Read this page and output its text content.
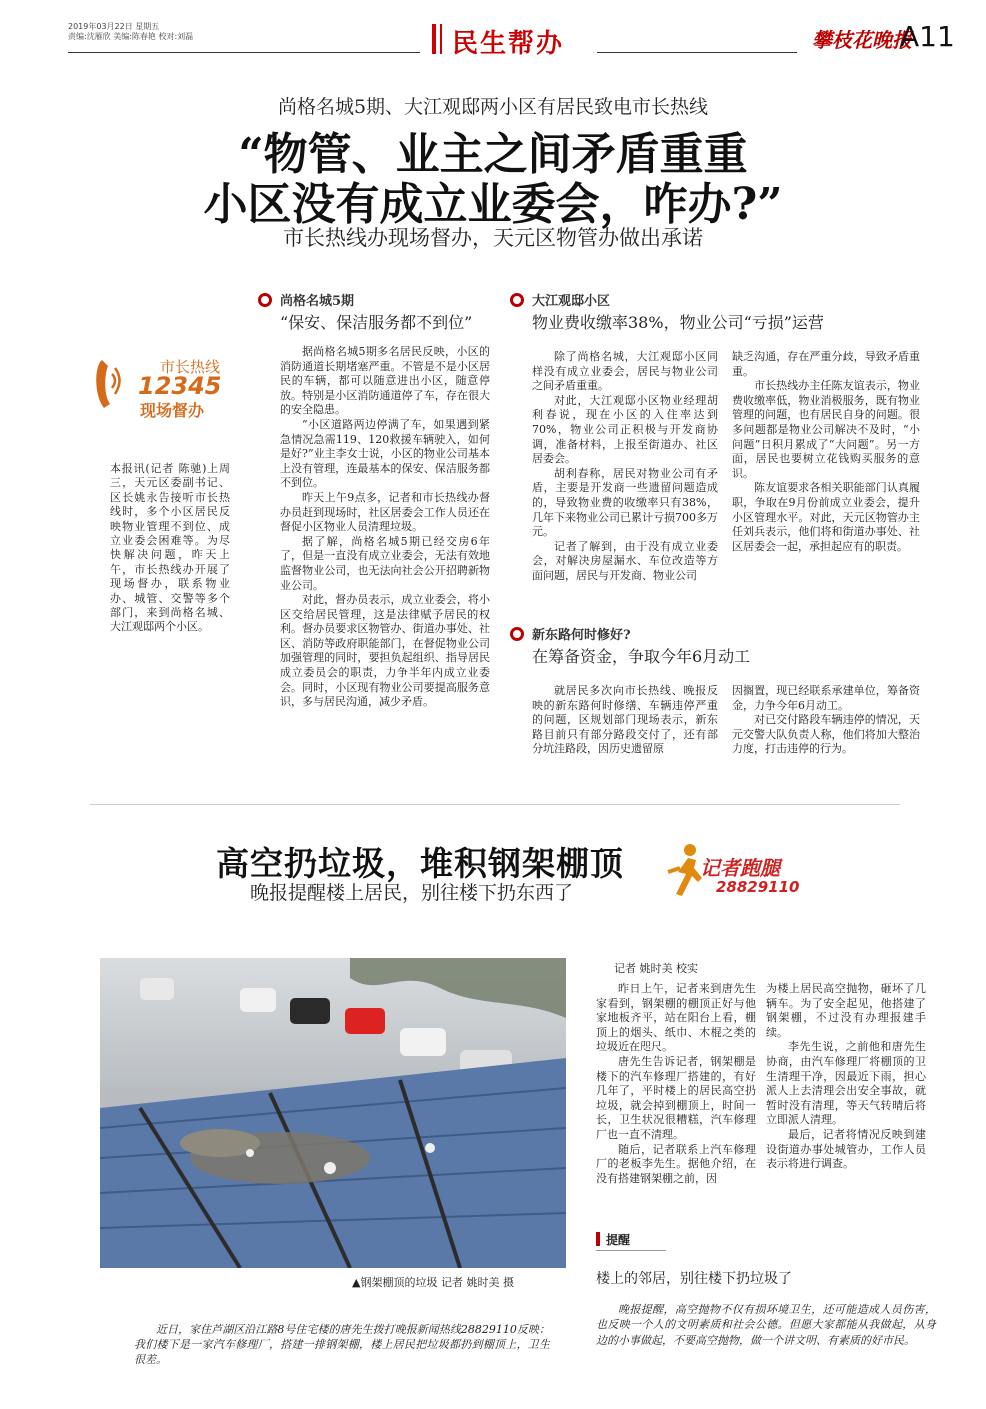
2019年03月22日 星期五
责编:沈雁欣 美编:陈春艳 校对:刘磊	民生帮办	攀枝花晚报
A11
尚格名城5期、大江观邸两小区有居民致电市长热线
“物管、业主之间矛盾重重
小区没有成立业委会，咋办?”
市长热线办现场督办，天元区物管办做出承诺
市长热线
12345
现场督办
本报讯(记者 陈驰)上周三，天元区委副书记、区长姚永告接听市长热线时，多个小区居民反映物业管理不到位、成立业委会困难等。为尽快解决问题，昨天上午，市长热线办开展了现场督办，联系物业办、城管、交警等多个部门，来到尚格名城、大江观邸两个小区。
尚格名城5期
“保安、保洁服务都不到位”

据尚格名城5期多名居民反映，小区的消防通道长期堵塞严重。不管是不是小区居民的车辆，都可以随意进出小区，随意停放。特别是小区消防通道停了车，存在很大的安全隐患。

“小区道路两边停满了车，如果遇到紧急情况急需119、120救援车辆驶入，如何是好?”业主李女士说，小区的物业公司基本上没有管理，连最基本的保安、保洁服务都不到位。

昨天上午9点多，记者和市长热线办督办员赶到现场时，社区居委会工作人员还在督促小区物业人员清理垃圾。

据了解，尚格名城5期已经交房6年了，但是一直没有成立业委会，无法有效地监督物业公司，也无法向社会公开招聘新物业公司。

对此，督办员表示，成立业委会，将小区交给居民管理，这是法律赋予居民的权利。督办员要求区物管办、街道办事处、社区、消防等政府职能部门，在督促物业公司加强管理的同时，要担负起组织、指导居民成立委员会的职责，力争半年内成立业委会。同时，小区现有物业公司要提高服务意识，多与居民沟通，减少矛盾。

大江观邸小区
物业费收缴率38%，物业公司“亏损”运营

除了尚格名城，大江观邸小区同样没有成立业委会，居民与物业公司之间矛盾重重。

对此，大江观邸小区物业经理胡利春说，现在小区的入住率达到70%，物业公司正积极与开发商协调，准备材料，上报至街道办、社区居委会。

胡利春称，居民对物业公司有矛盾，主要是开发商一些遗留问题造成的，导致物业费的收缴率只有38%，几年下来物业公司已累计亏损700多万元。

记者了解到，由于没有成立业委会，对解决房屋漏水、车位改造等方面问题，居民与开发商、物业公司

缺乏沟通，存在严重分歧，导致矛盾重重。

市长热线办主任陈友谊表示，物业费收缴率低，物业消极服务，既有物业管理的问题，也有居民自身的问题。很多问题都是物业公司解决不及时，“小问题”日积月累成了“大问题”。另一方面，居民也要树立花钱购买服务的意识。

陈友谊要求各相关职能部门认真履职，争取在9月份前成立业委会，提升小区管理水平。对此，天元区物管办主任刘兵表示，他们将和街道办事处、社区居委会一起，承担起应有的职责。

新东路何时修好?
在筹备资金，争取今年6月动工

就居民多次向市长热线、晚报反映的新东路何时修缮、车辆违停严重的问题，区规划部门现场表示，新东路目前只有部分路段交付了，还有部分坑洼路段，因历史遗留原

因搁置，现已经联系承建单位，筹备资金，力争今年6月动工。

对已交付路段车辆违停的情况，天元交警大队负责人称，他们将加大整治力度，打击违停的行为。

高空扔垃圾，堆积钢架棚顶
晚报提醒楼上居民，别往楼下扔东西了
记者跑腿
28829110
▲钢架棚顶的垃圾 记者 姚时美 摄
记者 姚时美 校实

昨日上午，记者来到唐先生家看到，钢架棚的棚顶正好与他家地板齐平，站在阳台上看，棚顶上的烟头、纸巾、木棍之类的垃圾近在咫尺。

唐先生告诉记者，钢架棚是楼下的汽车修理厂搭建的，有好几年了，平时楼上的居民高空扔垃圾，就会掉到棚顶上，时间一长，卫生状况很糟糕，汽车修理厂也一直不清理。

随后，记者联系上汽车修理厂的老板李先生。据他介绍，在没有搭建钢架棚之前，因

为楼上居民高空抛物，砸坏了几辆车。为了安全起见，他搭建了钢架棚，不过没有办理报建手续。

李先生说，之前他和唐先生协商，由汽车修理厂将棚顶的卫生清理干净，因最近下雨，担心派人上去清理会出安全事故，就暂时没有清理，等天气转晴后将立即派人清理。

最后，记者将情况反映到建设街道办事处城管办，工作人员表示将进行调查。

提醒
楼上的邻居，别往楼下扔垃圾了

晚报提醒，高空抛物不仅有损环境卫生，还可能造成人员伤害，也反映一个人的文明素质和社会公德。但愿大家都能从我做起，从身边的小事做起，不要高空抛物，做一个讲文明、有素质的好市民。

近日，家住芦湖区沿江路8号住宅楼的唐先生拨打晚报新闻热线28829110反映：我们楼下是一家汽车修理厂，搭建一排钢架棚，楼上居民把垃圾都扔到棚顶上，卫生很差。
